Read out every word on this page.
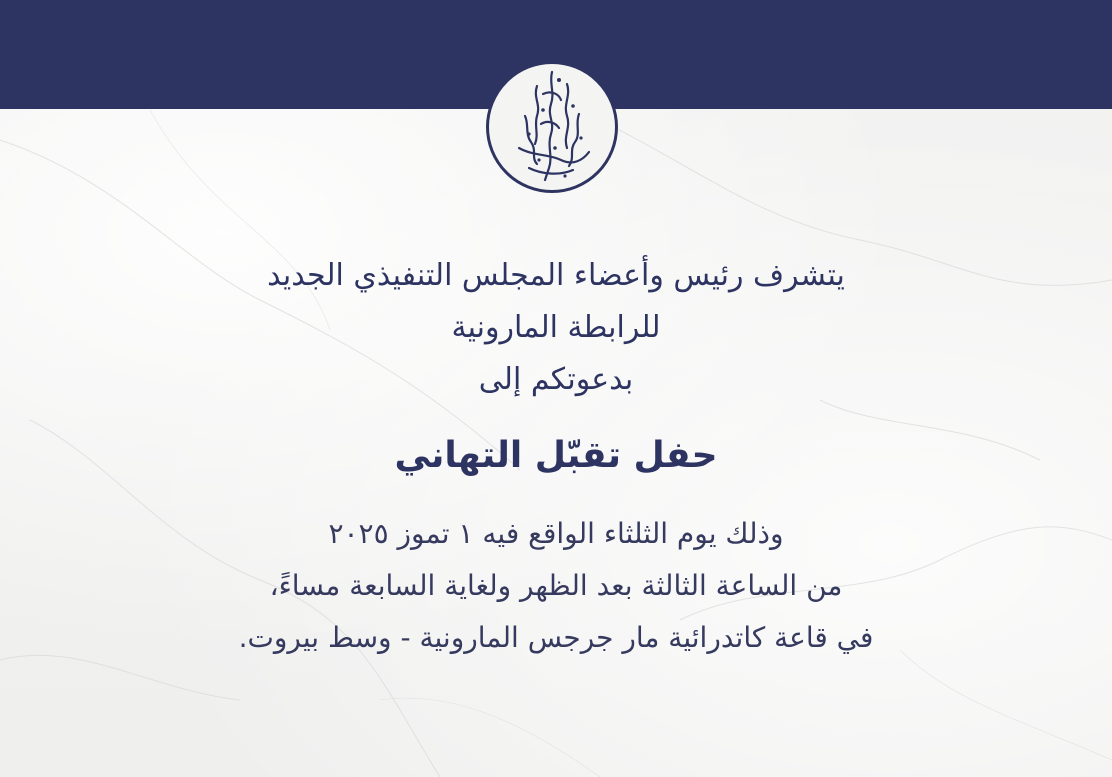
يتشرف رئيس وأعضاء المجلس التنفيذي الجديد
للرابطة المارونية
بدعوتكم إلى
حفل تقبّل التهاني
وذلك يوم الثلثاء الواقع فيه ١ تموز ٢٠٢٥
من الساعة الثالثة بعد الظهر ولغاية السابعة مساءً،
في قاعة كاتدرائية مار جرجس المارونية - وسط بيروت.
